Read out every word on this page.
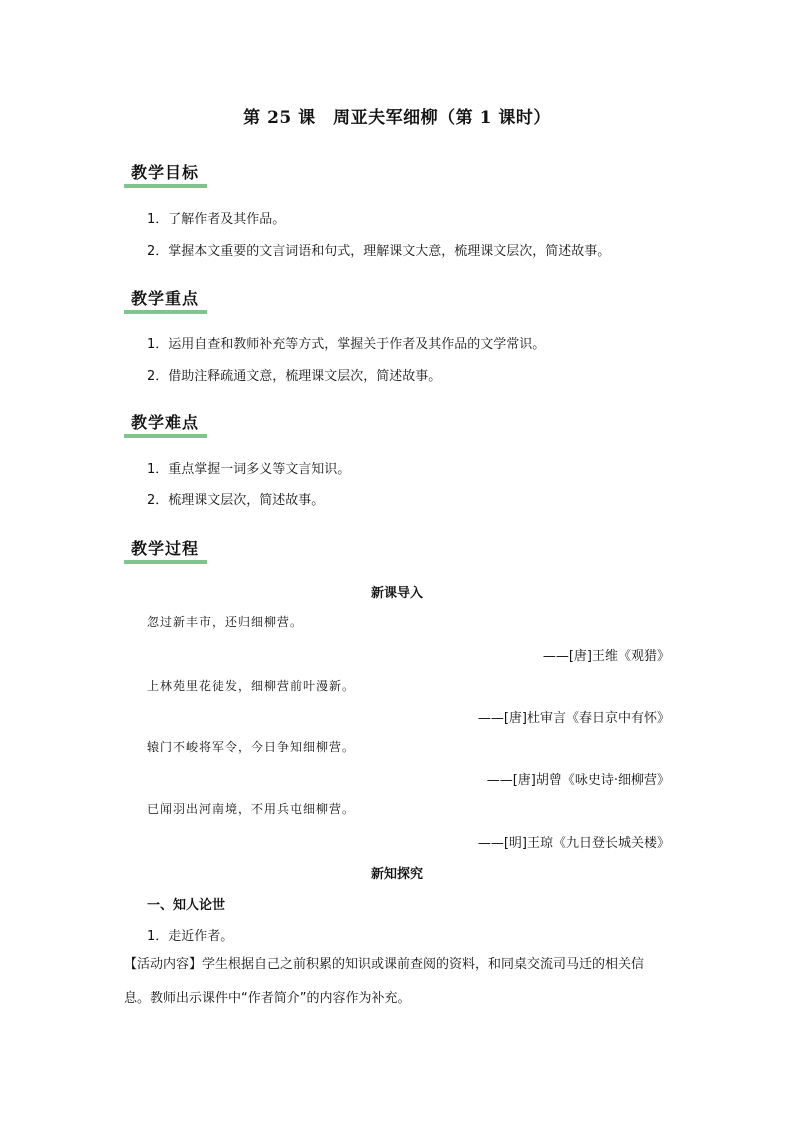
第 25 课　周亚夫军细柳（第 1 课时）
教学目标
1．了解作者及其作品。
2．掌握本文重要的文言词语和句式，理解课文大意，梳理课文层次，简述故事。
教学重点
1．运用自查和教师补充等方式，掌握关于作者及其作品的文学常识。
2．借助注释疏通文意，梳理课文层次，简述故事。
教学难点
1．重点掌握一词多义等文言知识。
2．梳理课文层次，简述故事。
教学过程
新课导入
忽过新丰市，还归细柳营。
——[唐]王维《观猎》
上林苑里花徒发，细柳营前叶漫新。
——[唐]杜审言《春日京中有怀》
辕门不峻将军令，今日争知细柳营。
——[唐]胡曾《咏史诗·细柳营》
已闻羽出河南境，不用兵屯细柳营。
——[明]王琼《九日登长城关楼》
新知探究
一、知人论世
1．走近作者。
【活动内容】学生根据自己之前积累的知识或课前查阅的资料，和同桌交流司马迁的相关信息。教师出示课件中“作者简介”的内容作为补充。
